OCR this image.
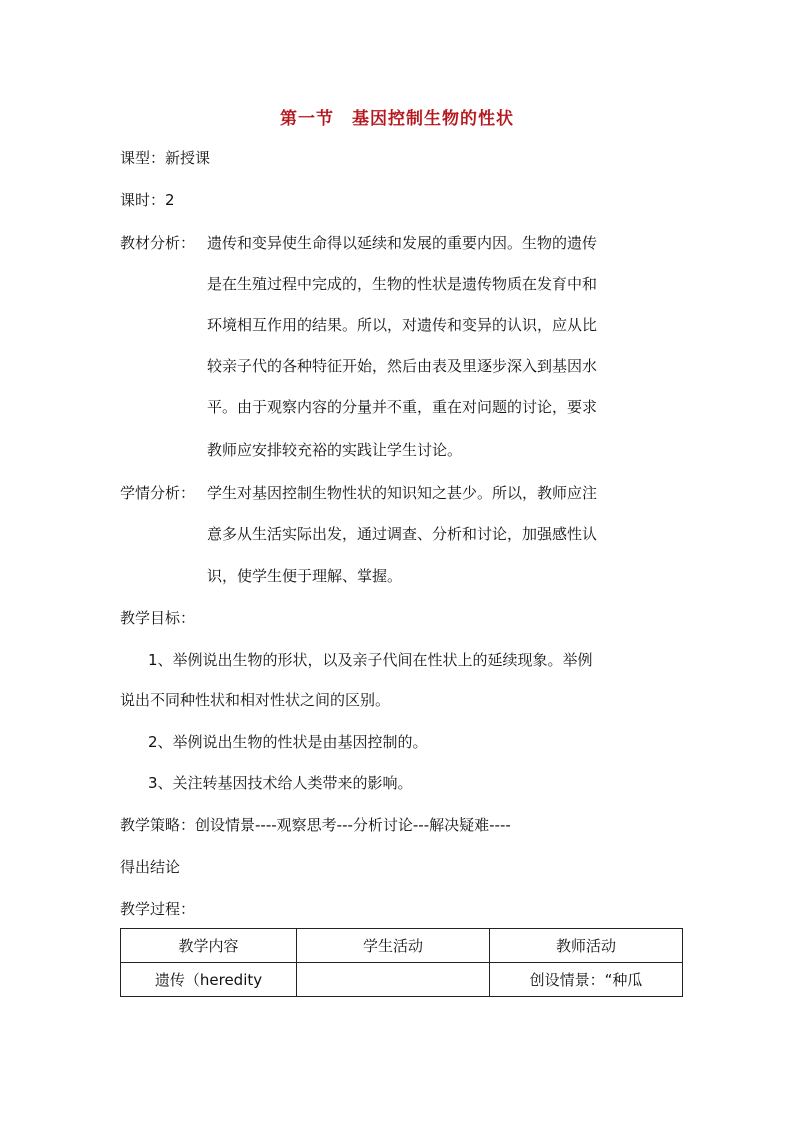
第一节　基因控制生物的性状
课型：新授课
课时：2
教材分析： 遗传和变异使生命得以延续和发展的重要内因。生物的遗传
是在生殖过程中完成的，生物的性状是遗传物质在发育中和
环境相互作用的结果。所以，对遗传和变异的认识，应从比
较亲子代的各种特征开始，然后由表及里逐步深入到基因水
平。由于观察内容的分量并不重，重在对问题的讨论，要求
教师应安排较充裕的实践让学生讨论。
学情分析： 学生对基因控制生物性状的知识知之甚少。所以，教师应注
意多从生活实际出发，通过调查、分析和讨论，加强感性认
识，使学生便于理解、掌握。
教学目标：
1、举例说出生物的形状，以及亲子代间在性状上的延续现象。举例
说出不同种性状和相对性状之间的区别。
2、举例说出生物的性状是由基因控制的。
3、关注转基因技术给人类带来的影响。
教学策略：创设情景----观察思考---分析讨论---解决疑难----
得出结论
教学过程：
教学内容	学生活动	教师活动
遗传（heredity		创设情景：“种瓜
